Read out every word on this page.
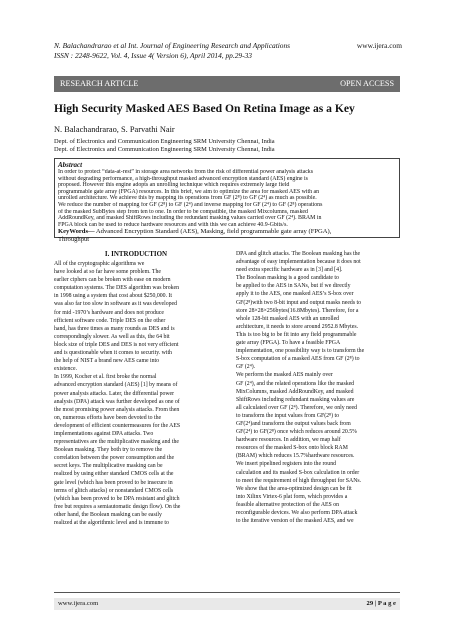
N. Balachandrarao et al Int. Journal of Engineering Research and Applications
ISSN : 2248-9622, Vol. 4, Issue 4( Version 6), April 2014, pp.29-33
www.ijera.com
RESEARCH ARTICLE	OPEN ACCESS
High Security Masked AES Based On Retina Image as a Key
N. Balachandrarao, S. Parvathi Nair
Dept. of Electronics and Communication Engineering SRM University Chennai, India
Dept. of Electronics and Communication Engineering SRM University Chennai, India
Abstract
In order to protect “data-at-rest” in storage area networks from the risk of differential power analysis attacks
without degrading performance, a high-throughput masked advanced encryption standard (AES) engine is
proposed. However this engine adopts an unrolling technique which requires extremely large field
programmable gate array (FPGA) resources. In this brief, we aim to optimize the area for masked AES with an
unrolled architecture. We achieve this by mapping its operations from GF (2⁸) to GF (2⁴) as much as possible.
We reduce the number of mapping for GF (2⁸) to GF (2⁴) and inverse mapping for GF (2⁴) to GF (2⁸) operations
of the masked SubBytes step from ten to one. In order to be compatible, the masked Mixcolumns, masked
AddRoundKey, and masked ShiftRows including the redundant masking values carried over GF (2⁴). BRAM in
FPGA block can be used to reduce hardware resources and with this we can achieve 40.9-Gbits/s.
KeyWords— Advanced Encryption Standard (AES), Masking, field programmable gate array (FPGA),
Throughput
I. INTRODUCTION
All of the cryptographic algorithms we
have looked at so far have some problem. The
earlier ciphers can be broken with ease on modern
computation systems. The DES algorithm was broken
in 1998 using a system that cost about $250,000. It
was also far too slow in software as it was developed
for mid -1970’s hardware and does not produce
efficient software code. Triple DES on the other
hand, has three times as many rounds as DES and is
correspondingly slower. As well as this, the 64 bit
block size of triple DES and DES is not very efficient
and is questionable when it comes to security. with
the help of NIST a brand new AES came into
existence.
In 1999, Kocher et al. first broke the normal
advanced encryption standard (AES) [1] by means of
power analysis attacks. Later, the differential power
analysis (DPA) attack was further developed as one of
the most promising power analysis attacks. From then
on, numerous efforts have been devoted to the
development of efficient countermeasures for the AES
implementations against DPA attacks. Two
representatives are the multiplicative masking and the
Boolean masking. They both try to remove the
correlation between the power consumption and the
secret keys. The multiplicative masking can be
realized by using either standard CMOS cells at the
gate level (which has been proved to be insecure in
terms of glitch attacks) or nonstandard CMOS cells
(which has been proved to be DPA resistant and glitch
free but requires a semiautomatic design flow). On the
other hand, the Boolean masking can be easily
realized at the algorithmic level and is immune to
DPA and glitch attacks. The Boolean masking has the
advantage of easy implementation because it does not
need extra specific hardware as in [3] and [4].
The Boolean masking is a good candidate to
be applied to the AES in SANs, but if we directly
apply it to the AES, one masked AES’s S-box over
GF(2⁸)with two 8-bit input and output masks needs to
store 28×28×256bytes(16.8Mbytes). Therefore, for a
whole 128-bit masked AES with an unrolled
architecture, it needs to store around 2952.8 Mbytes.
This is too big to be fit into any field programmable
gate array (FPGA). To have a feasible FPGA
implementation, one possibility way is to transform the
S-box computation of a masked AES from GF (2⁸) to
GF (2⁴).
We perform the masked AES mainly over
GF (2⁴), and the related operations like the masked
MixColumns, masked AddRoundKey, and masked
ShiftRows including redundant masking values are
all calculated over GF (2⁴). Therefore, we only need
to transform the input values from GF(2⁸) to
GF(2⁴)and transform the output values back from
GF(2⁴) to GF(2⁸) once which reduces around 20.5%
hardware resources. In addition, we map half
resources of the masked S-box onto block RAM
(BRAM) which reduces 15.7%hardware resources.
We insert pipelined registers into the round
calculation and its masked S-box calculation in order
to meet the requirement of high throughput for SANs.
We show that the area-optimized design can be fit
into Xilinx Virtex-6 plat form, which provides a
feasible alternative protection of the AES on
reconfigurable devices. We also perform DPA attack
to the iterative version of the masked AES, and we
www.ijera.com	29 | P a g e
